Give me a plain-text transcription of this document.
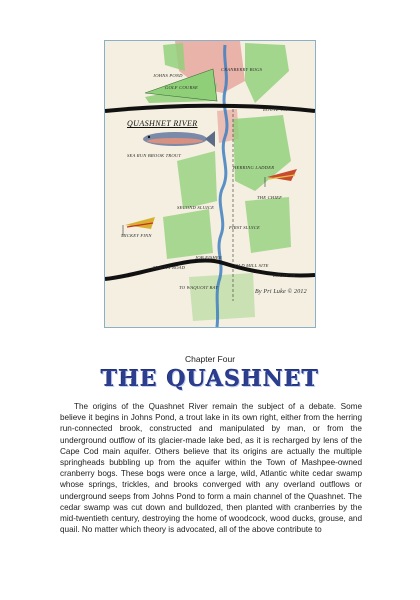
JOHNS POND
GOLF COURSE
CRANBERRY BOGS
ROUTE 151
QUASHNET RIVER
SEA RUN BROOK TROUT
HERRING LADDER
THE CHIEF
SECOND SLUICE
MICKEY FINN
FIRST SLUICE
JOB FISHER
MARTIN ROAD	OLD MILL SITE
ROUTE 28
TO WAQUOIT BAY
By Pri Luke © 2012
Chapter Four
THE QUASHNET

The origins of the Quashnet River remain the subject of a debate. Some believe it begins in Johns Pond, a trout lake in its own right, either from the herring run-connected brook, constructed and manipulated by man, or from the underground outflow of its glacier-made lake bed, as it is recharged by lens of the Cape Cod main aquifer. Others believe that its origins are actually the multiple springheads bubbling up from the aquifer within the Town of Mashpee-owned cranberry bogs. These bogs were once a large, wild, Atlantic white cedar swamp whose springs, trickles, and brooks converged with any overland outflows or underground seeps from Johns Pond to form a main channel of the Quashnet. The cedar swamp was cut down and bulldozed, then planted with cranberries by the mid-twentieth century, destroying the home of woodcock, wood ducks, grouse, and quail. No matter which theory is advocated, all of the above contribute to
